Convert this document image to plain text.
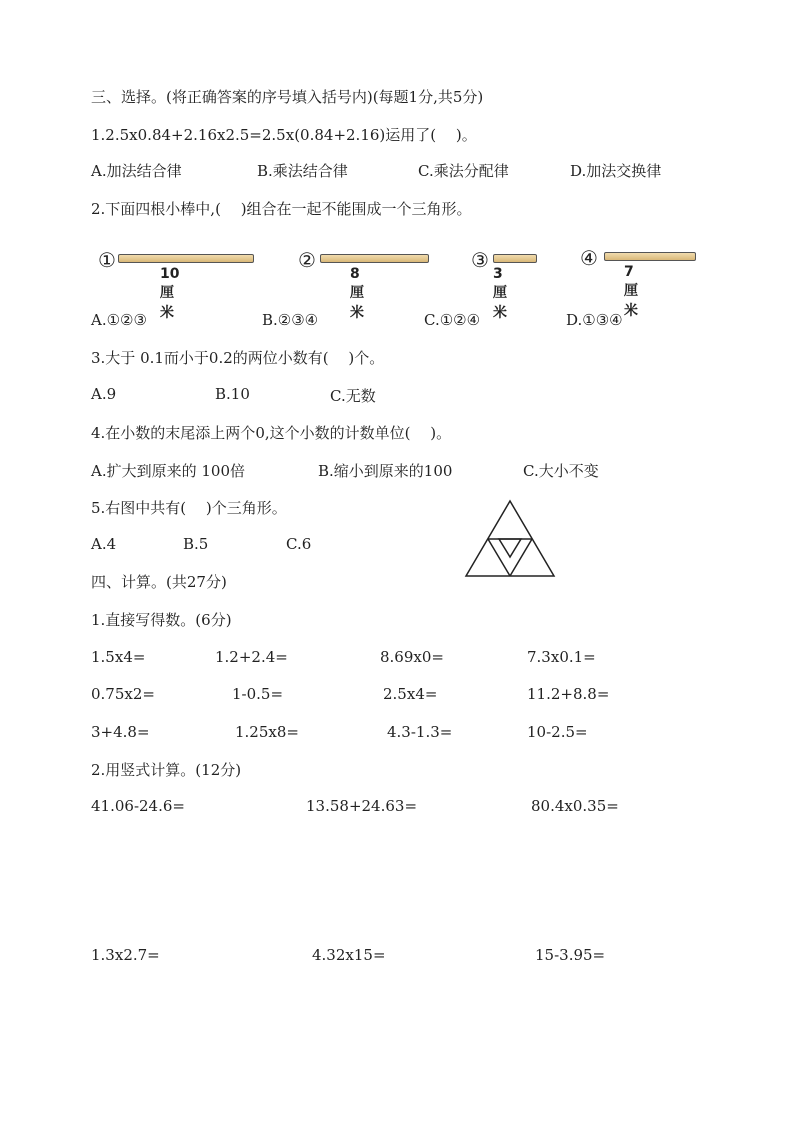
三、选择。(将正确答案的序号填入括号内)(每题1分,共5分)
1.2.5x0.84+2.16x2.5=2.5x(0.84+2.16)运用了(　 )。
A.加法结合律	B.乘法结合律	C.乘法分配律	D.加法交换律
2.下面四根小棒中,(　 )组合在一起不能围成一个三角形。
①
10厘米
②
8厘米
③
3厘米
④
7厘米
A.①②③	B.②③④	C.①②④	D.①③④
3.大于 0.1而小于0.2的两位小数有(　 )个。
A.9	B.10	C.无数
4.在小数的末尾添上两个0,这个小数的计数单位(　 )。
A.扩大到原来的 100倍	B.缩小到原来的100	C.大小不变
5.右图中共有(　 )个三角形。
A.4	B.5	C.6
四、计算。(共27分)
1.直接写得数。(6分)
1.5x4=	1.2+2.4=	8.69x0=	7.3x0.1=
0.75x2=	1-0.5=	2.5x4=	11.2+8.8=
3+4.8=	1.25x8=	4.3-1.3=	10-2.5=
2.用竖式计算。(12分)
41.06-24.6=	13.58+24.63=	80.4x0.35=
1.3x2.7=	4.32x15=	15-3.95=
